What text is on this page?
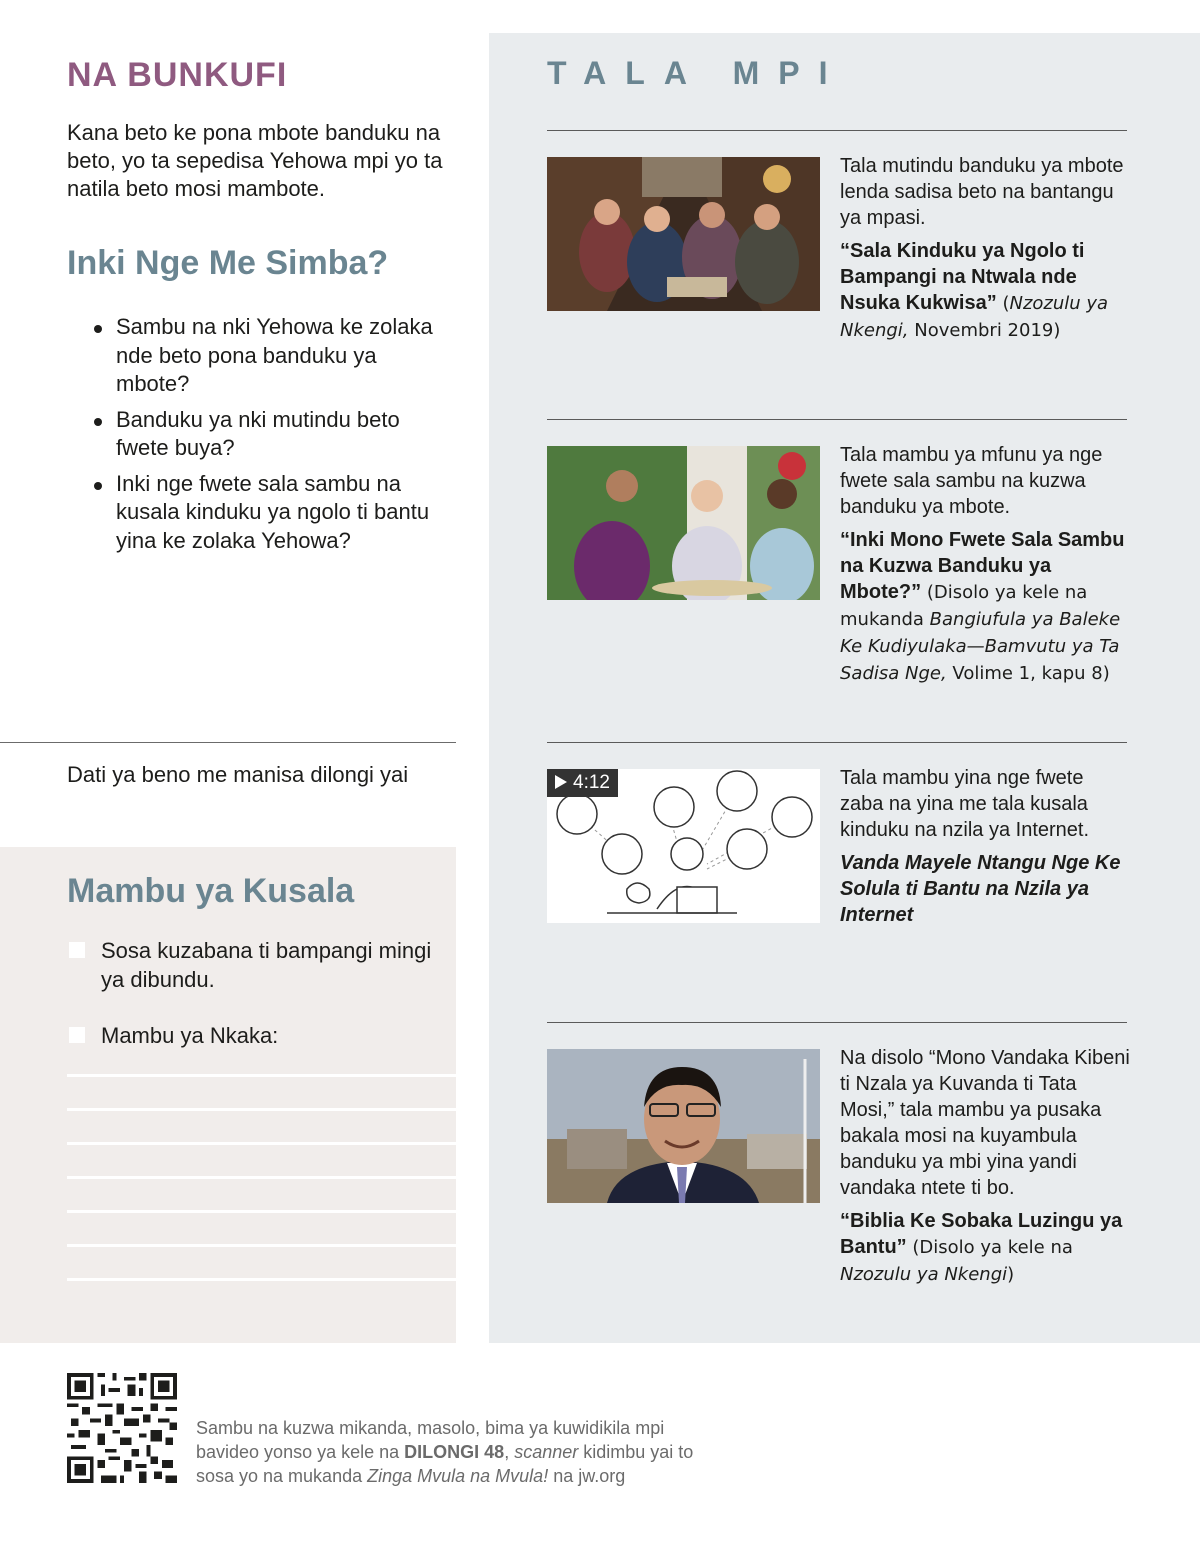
NA BUNKUFI

Kana beto ke pona mbote banduku na beto, yo ta sepedisa Yehowa mpi yo ta natila beto mosi mambote.

Inki Nge Me Simba?
Sambu na nki Yehowa ke zolaka nde beto pona banduku ya mbote?
Banduku ya nki mutindu beto fwete buya?
Inki nge fwete sala sambu na kusala kinduku ya ngolo ti bantu yina ke zolaka Yehowa?
Dati ya beno me manisa dilongi yai
Mambu ya Kusala
Sosa kuzabana ti bampangi mingi ya dibundu.
Mambu ya Nkaka:
TALA MPI

Tala mutindu banduku ya mbote lenda sadisa beto na bantangu ya mpasi.

“Sala Kinduku ya Ngolo ti Bampangi na Ntwala nde Nsuka Kukwisa” (Nzozulu ya Nkengi, Novembri 2019)

Tala mambu ya mfunu ya nge fwete sala sambu na kuzwa banduku ya mbote.

“Inki Mono Fwete Sala Sambu na Kuzwa Banduku ya Mbote?” (Disolo ya kele na mukanda Bangiufula ya Baleke Ke Kudiyulaka—Bamvutu ya Ta Sadisa Nge, Volime 1, kapu 8)

4:12	Tala mambu yina nge fwete zaba na yina me tala kusala kinduku na nzila ya Internet.

Vanda Mayele Ntangu Nge Ke Solula ti Bantu na Nzila ya Internet

Na disolo “Mono Vandaka Kibeni ti Nzala ya Kuvanda ti Tata Mosi,” tala mambu ya pusaka bakala mosi na kuyambula banduku ya mbi yina yandi vandaka ntete ti bo.

“Biblia Ke Sobaka Luzingu ya Bantu” (Disolo ya kele na Nzozulu ya Nkengi)

Sambu na kuzwa mikanda, masolo, bima ya kuwidikila mpi bavideo yonso ya kele na DILONGI 48, scanner kidimbu yai to sosa yo na mukanda Zinga Mvula na Mvula! na jw.org
